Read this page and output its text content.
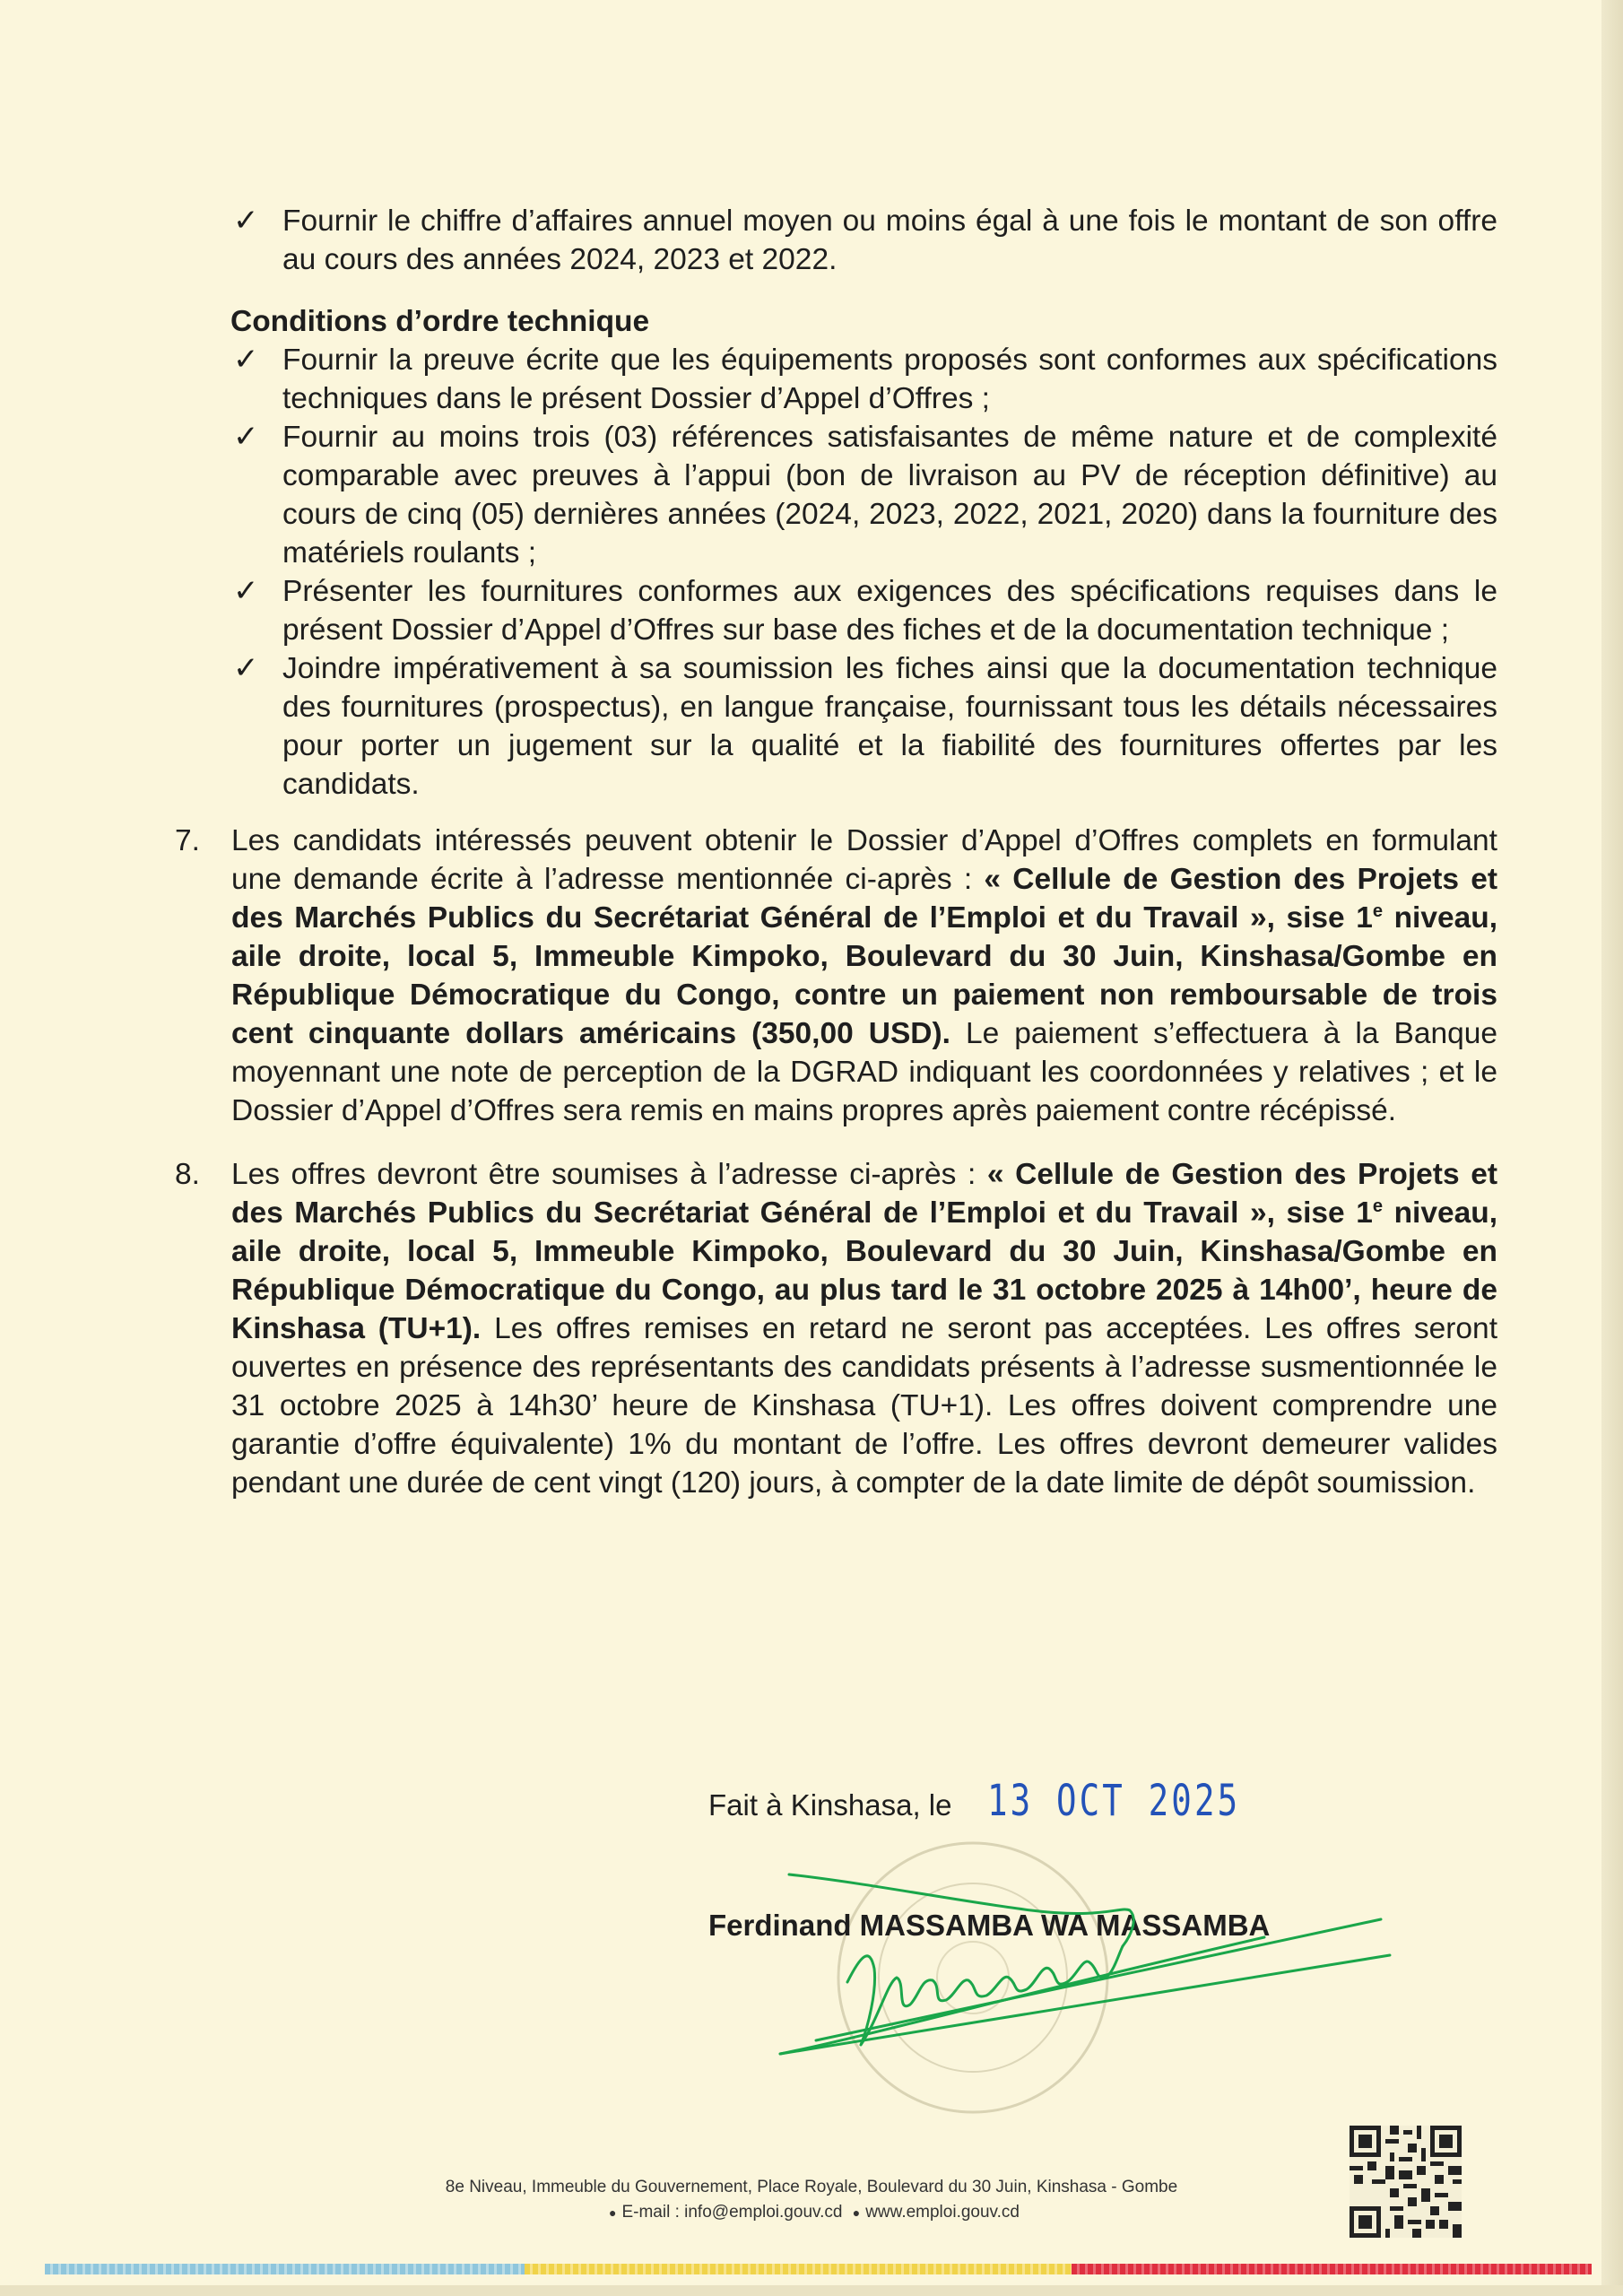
✓ Fournir le chiffre d’affaires annuel moyen ou moins égal à une fois le montant de son offre au cours des années 2024, 2023 et 2022.
Conditions d’ordre technique
✓ Fournir la preuve écrite que les équipements proposés sont conformes aux spécifications techniques dans le présent Dossier d’Appel d’Offres ;
✓ Fournir au moins trois (03) références satisfaisantes de même nature et de complexité comparable avec preuves à l’appui (bon de livraison au PV de réception définitive) au cours de cinq (05) dernières années (2024, 2023, 2022, 2021, 2020) dans la fourniture des matériels roulants ;
✓ Présenter les fournitures conformes aux exigences des spécifications requises dans le présent Dossier d’Appel d’Offres sur base des fiches et de la documentation technique ;
✓ Joindre impérativement à sa soumission les fiches ainsi que la documentation technique des fournitures (prospectus), en langue française, fournissant tous les détails nécessaires pour porter un jugement sur la qualité et la fiabilité des fournitures offertes par les candidats.
7.	Les candidats intéressés peuvent obtenir le Dossier d’Appel d’Offres complets en formulant une demande écrite à l’adresse mentionnée ci-après : « Cellule de Gestion des Projets et des Marchés Publics du Secrétariat Général de l’Emploi et du Travail », sise 1e niveau, aile droite, local 5, Immeuble Kimpoko, Boulevard du 30 Juin, Kinshasa/Gombe en République Démocratique du Congo, contre un paiement non remboursable de trois cent cinquante dollars américains (350,00 USD). Le paiement s’effectuera à la Banque moyennant une note de perception de la DGRAD indiquant les coordonnées y relatives ; et le Dossier d’Appel d’Offres sera remis en mains propres après paiement contre récépissé.
8.	Les offres devront être soumises à l’adresse ci-après : « Cellule de Gestion des Projets et des Marchés Publics du Secrétariat Général de l’Emploi et du Travail », sise 1e niveau, aile droite, local 5, Immeuble Kimpoko, Boulevard du 30 Juin, Kinshasa/Gombe en République Démocratique du Congo, au plus tard le 31 octobre 2025 à 14h00’, heure de Kinshasa (TU+1). Les offres remises en retard ne seront pas acceptées. Les offres seront ouvertes en présence des représentants des candidats présents à l’adresse susmentionnée le 31 octobre 2025 à 14h30’ heure de Kinshasa (TU+1). Les offres doivent comprendre une garantie d’offre équivalente) 1% du montant de l’offre. Les offres devront demeurer valides pendant une durée de cent vingt (120) jours, à compter de la date limite de dépôt soumission.
Fait à Kinshasa, le 13 OCT 2025
Ferdinand MASSAMBA WA MASSAMBA
8e Niveau, Immeuble du Gouvernement, Place Royale, Boulevard du 30 Juin, Kinshasa - Gombe
● E-mail : info@emploi.gouv.cd ● www.emploi.gouv.cd
